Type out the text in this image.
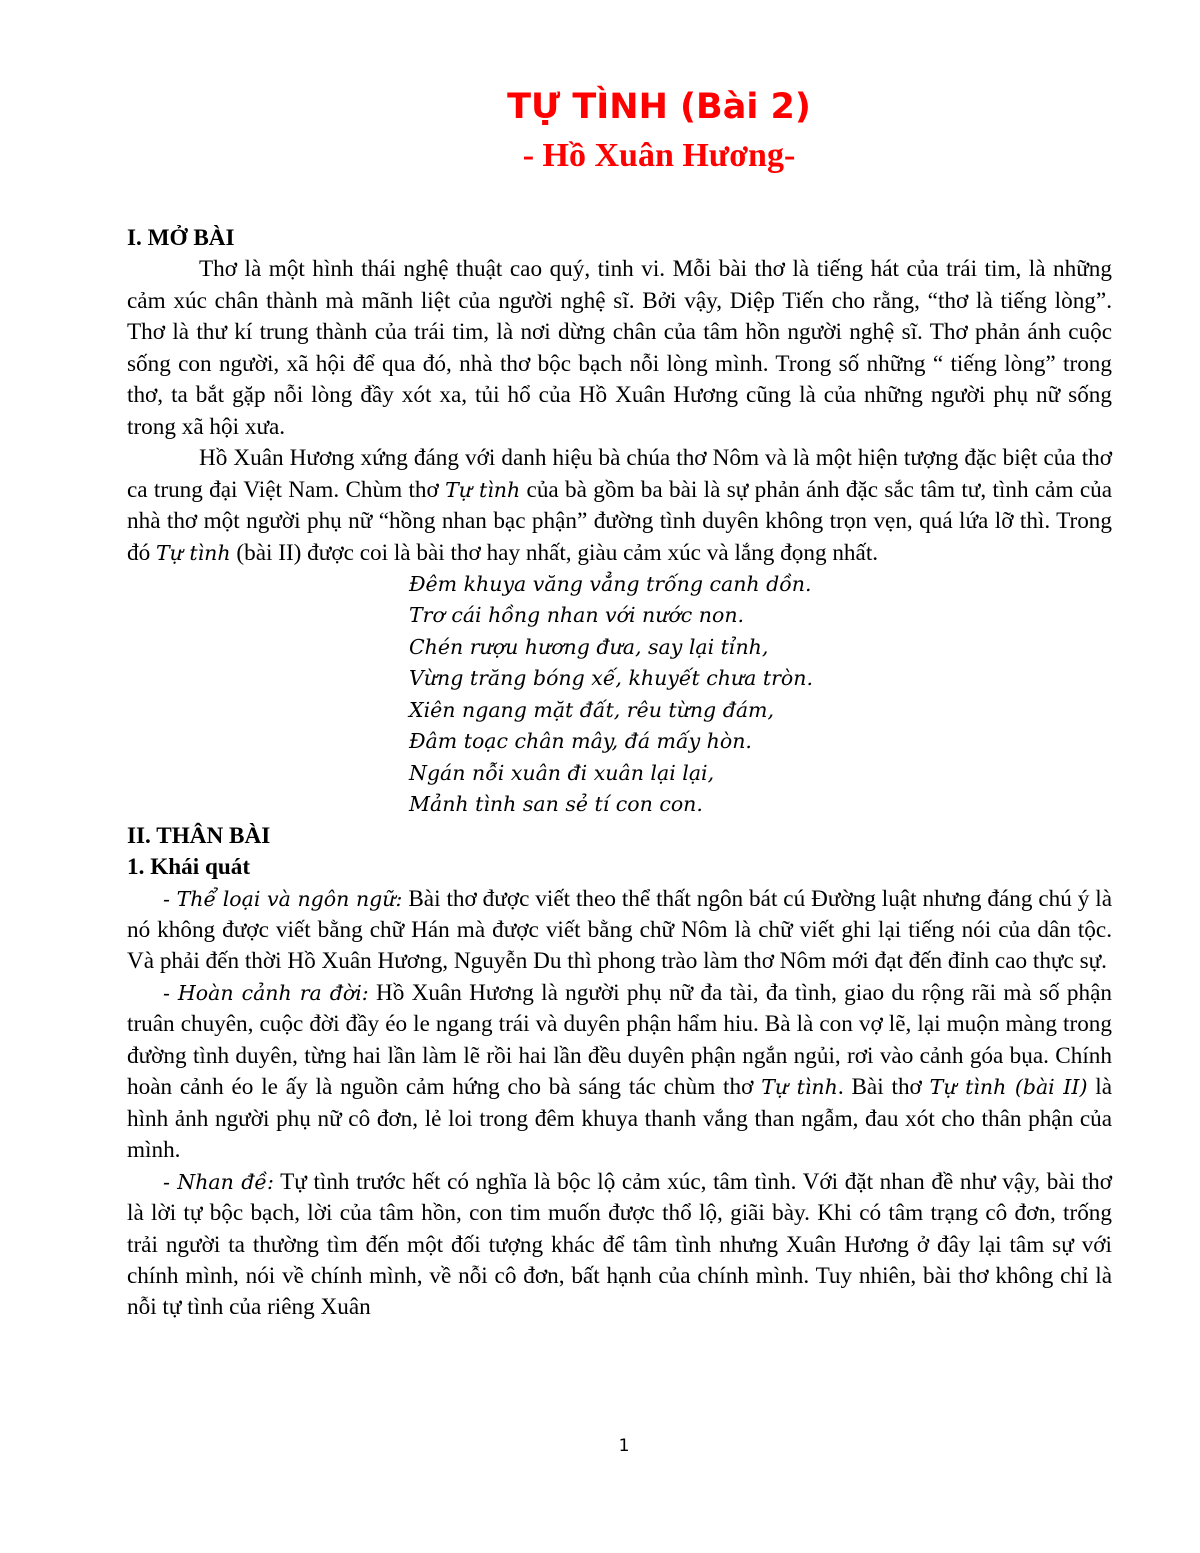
TỰ TÌNH (Bài 2)
- Hồ Xuân Hương-

I. MỞ BÀI

Thơ là một hình thái nghệ thuật cao quý, tinh vi. Mỗi bài thơ là tiếng hát của trái tim, là những cảm xúc chân thành mà mãnh liệt của người nghệ sĩ. Bởi vậy, Diệp Tiến cho rằng, “thơ là tiếng lòng”. Thơ là thư kí trung thành của trái tim, là nơi dừng chân của tâm hồn người nghệ sĩ. Thơ phản ánh cuộc sống con người, xã hội để qua đó, nhà thơ bộc bạch nỗi lòng mình. Trong số những “ tiếng lòng” trong thơ, ta bắt gặp nỗi lòng đầy xót xa, tủi hổ của Hồ Xuân Hương cũng là của những người phụ nữ sống trong xã hội xưa.

Hồ Xuân Hương xứng đáng với danh hiệu bà chúa thơ Nôm và là một hiện tượng đặc biệt của thơ ca trung đại Việt Nam. Chùm thơ Tự tình của bà gồm ba bài là sự phản ánh đặc sắc tâm tư, tình cảm của nhà thơ một người phụ nữ “hồng nhan bạc phận” đường tình duyên không trọn vẹn, quá lứa lỡ thì. Trong đó Tự tình (bài II) được coi là bài thơ hay nhất, giàu cảm xúc và lắng đọng nhất.

Đêm khuya văng vẳng trống canh dồn.
Trơ cái hồng nhan với nước non.
Chén rượu hương đưa, say lại tỉnh,
Vừng trăng bóng xế, khuyết chưa tròn.
Xiên ngang mặt đất, rêu từng đám,
Đâm toạc chân mây, đá mấy hòn.
Ngán nỗi xuân đi xuân lại lại,
Mảnh tình san sẻ tí con con.

II. THÂN BÀI

1. Khái quát

- Thể loại và ngôn ngữ: Bài thơ được viết theo thể thất ngôn bát cú Đường luật nhưng đáng chú ý là nó không được viết bằng chữ Hán mà được viết bằng chữ Nôm là chữ viết ghi lại tiếng nói của dân tộc. Và phải đến thời Hồ Xuân Hương, Nguyễn Du thì phong trào làm thơ Nôm mới đạt đến đỉnh cao thực sự.

- Hoàn cảnh ra đời: Hồ Xuân Hương là người phụ nữ đa tài, đa tình, giao du rộng rãi mà số phận truân chuyên, cuộc đời đầy éo le ngang trái và duyên phận hẩm hiu. Bà là con vợ lẽ, lại muộn màng trong đường tình duyên, từng hai lần làm lẽ rồi hai lần đều duyên phận ngắn ngủi, rơi vào cảnh góa bụa. Chính hoàn cảnh éo le ấy là nguồn cảm hứng cho bà sáng tác chùm thơ Tự tình. Bài thơ Tự tình (bài II) là hình ảnh người phụ nữ cô đơn, lẻ loi trong đêm khuya thanh vắng than ngẫm, đau xót cho thân phận của mình.

- Nhan đề: Tự tình trước hết có nghĩa là bộc lộ cảm xúc, tâm tình. Với đặt nhan đề như vậy, bài thơ là lời tự bộc bạch, lời của tâm hồn, con tim muốn được thổ lộ, giãi bày. Khi có tâm trạng cô đơn, trống trải người ta thường tìm đến một đối tượng khác để tâm tình nhưng Xuân Hương ở đây lại tâm sự với chính mình, nói về chính mình, về nỗi cô đơn, bất hạnh của chính mình. Tuy nhiên, bài thơ không chỉ là nỗi tự tình của riêng Xuân

1
